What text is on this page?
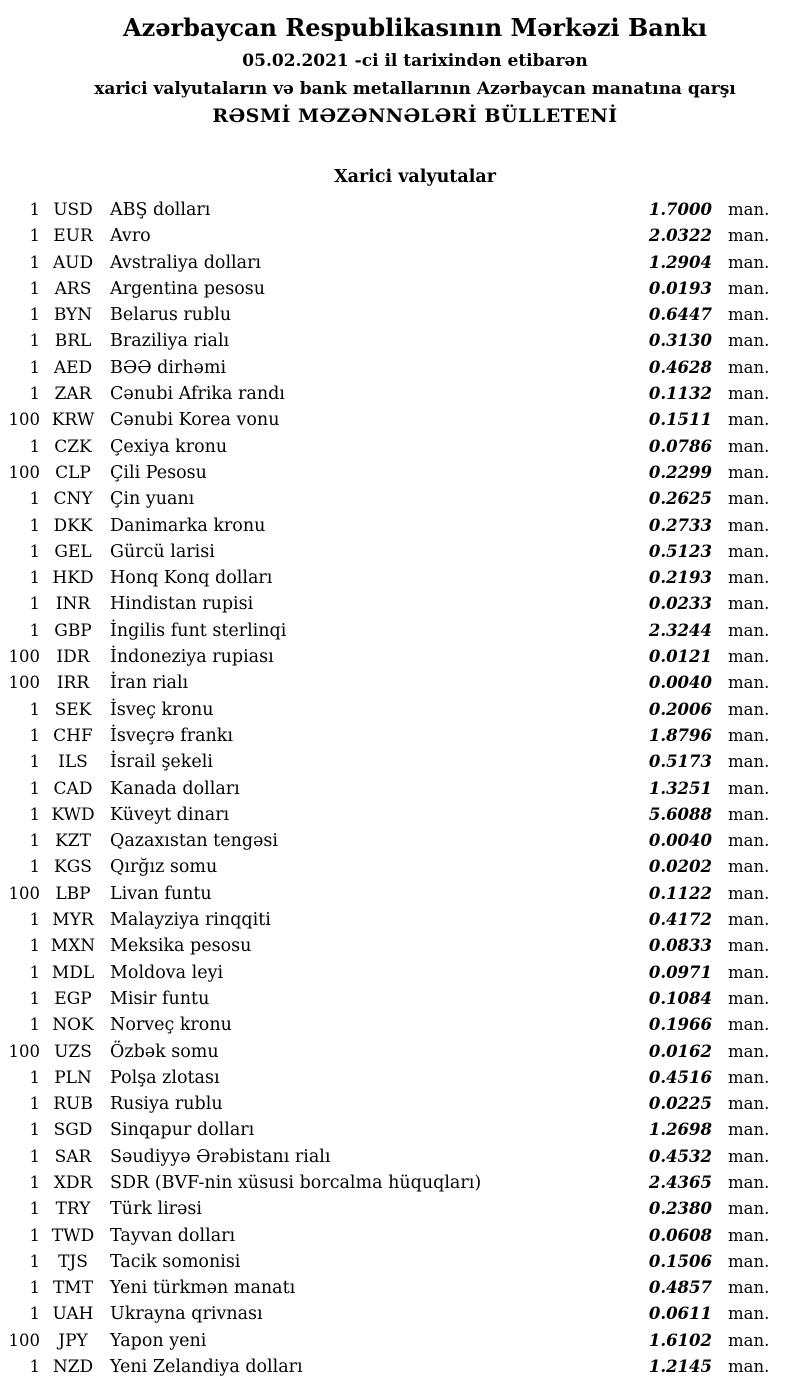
Azərbaycan Respublikasının Mərkəzi Bankı
05.02.2021 -ci il tarixindən etibarən
xarici valyutaların və bank metallarının Azərbaycan manatına qarşı
RƏSMİ MƏZƏNNƏLƏRİ BÜLLETENİ
Xarici valyutalar
1 USD ABŞ dolları	1.7000 man.
1 EUR Avro	2.0322 man.
1 AUD Avstraliya dolları	1.2904 man.
1 ARS	Argentina pesosu	0.0193 man.
1 BYN	Belarus rublu	0.6447 man.
1 BRL	Braziliya rialı	0.3130 man.
1 AED	BƏƏ dirhəmi	0.4628 man.
1 ZAR	Cənubi Afrika randı	0.1132 man.
100 KRW Cənubi Korea vonu	0.1511 man.
1 CZK	Çexiya kronu	0.0786 man.
100 CLP	Çili Pesosu	0.2299 man.
1 CNY Çin yuanı	0.2625 man.
1 DKK Danimarka kronu	0.2733 man.
1 GEL	Gürcü larisi	0.5123 man.
1 HKD Honq Konq dolları	0.2193 man.
1 INR	Hindistan rupisi	0.0233 man.
1 GBP	İngilis funt sterlinqi	2.3244 man.
100 IDR	İndoneziya rupiası	0.0121 man.
100 IRR	İran rialı	0.0040 man.
1 SEK	İsveç kronu	0.2006 man.
1 CHF İsveçrə frankı	1.8796 man.
1	ILS	İsrail şekeli	0.5173 man.
1 CAD	Kanada dolları	1.3251 man.
1 KWD Küveyt dinarı	5.6088 man.
1 KZT	Qazaxıstan tengəsi	0.0040 man.
1 KGS	Qırğız somu	0.0202 man.
100 LBP	Livan funtu	0.1122 man.
1 MYR Malayziya rinqqiti	0.4172 man.
1 MXN Meksika pesosu	0.0833 man.
1 MDL Moldova leyi	0.0971 man.
1 EGP	Misir funtu	0.1084 man.
1 NOK Norveç kronu	0.1966 man.
100 UZS	Özbək somu	0.0162 man.
1 PLN	Polşa zlotası	0.4516 man.
1 RUB Rusiya rublu	0.0225 man.
1 SGD	Sinqapur dolları	1.2698 man.
1 SAR	Səudiyyə Ərəbistanı rialı	0.4532 man.
1 XDR	SDR (BVF-nin xüsusi borcalma hüquqları)	2.4365 man.
1 TRY	Türk lirəsi	0.2380 man.
1 TWD Tayvan dolları	0.0608 man.
1	TJS	Tacik somonisi	0.1506 man.
1 TMT Yeni türkmən manatı	0.4857 man.
1 UAH Ukrayna qrivnası	0.0611 man.
100	JPY	Yapon yeni	1.6102 man.
1 NZD Yeni Zelandiya dolları	1.2145 man.
